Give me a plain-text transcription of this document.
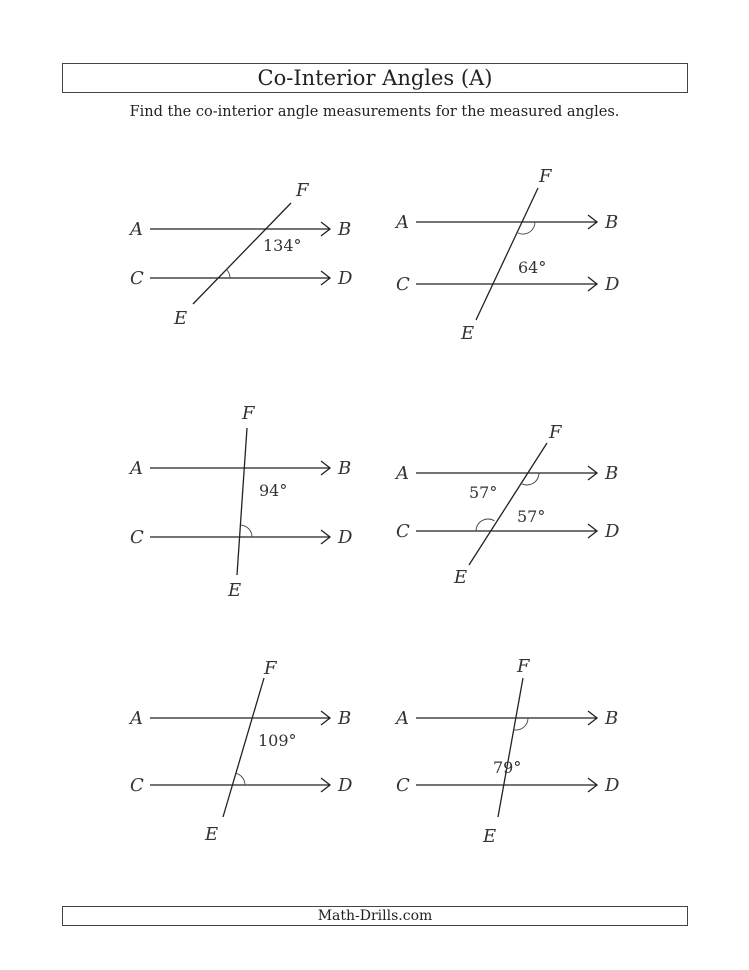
Co-Interior Angles (A)
Find the co-interior angle measurements for the measured angles.
A	B
C	D
F
E
134°
A	B
C	D
F
E
64°
A	B
C	D
F
E
94°
A	B
C	D
F
E
57°
57°
A	B
C	D
F
E
109°
A	B
C	D
F
E
79°
Math-Drills.com
